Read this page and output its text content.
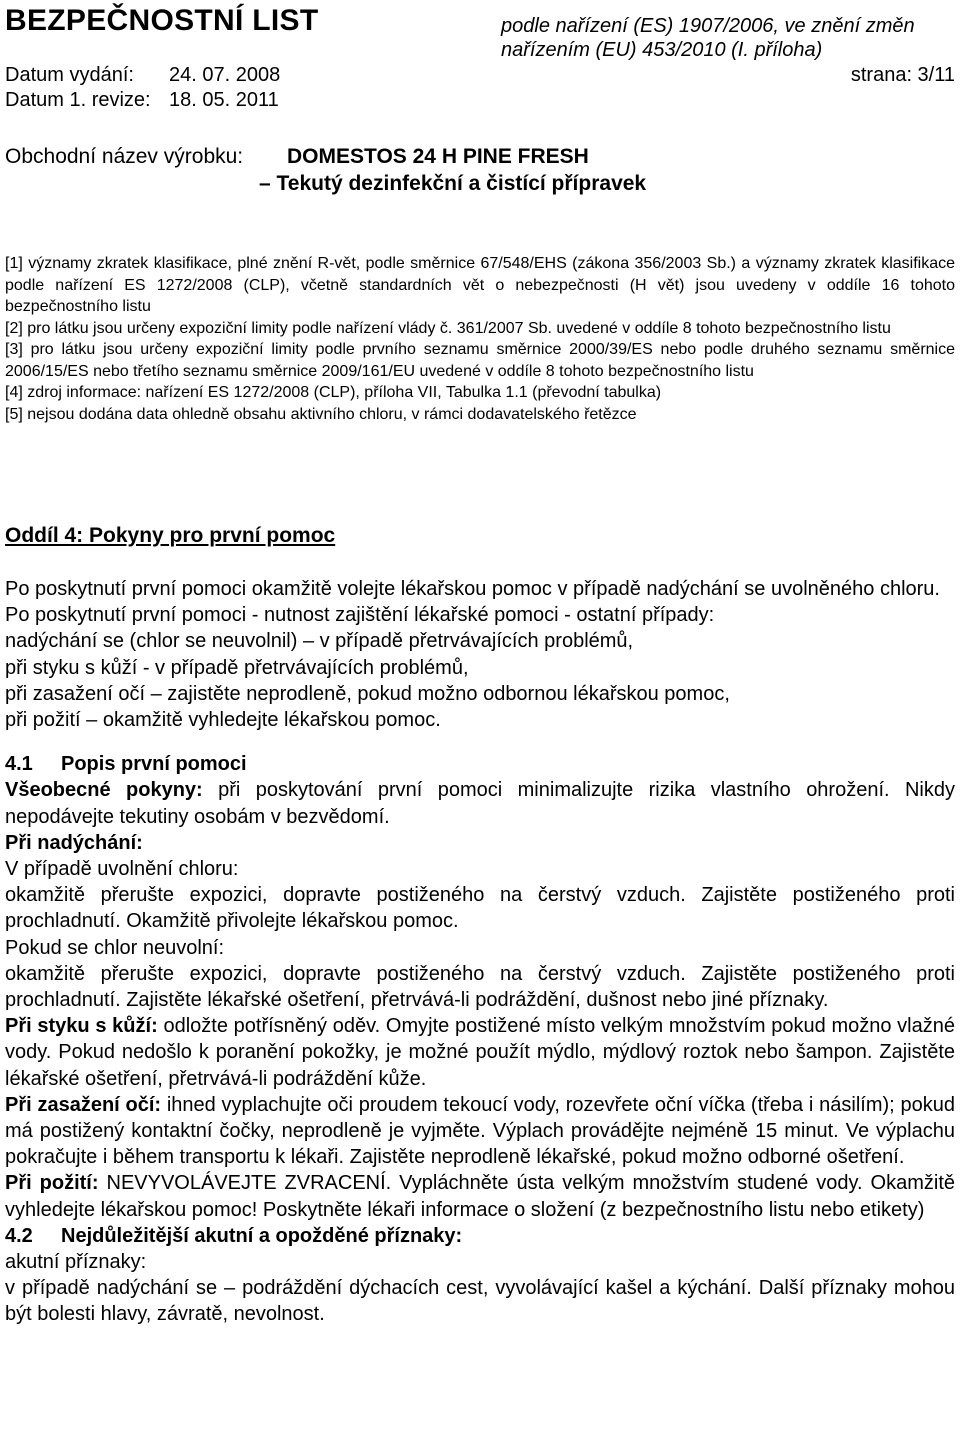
BEZPEČNOSTNÍ LIST	podle nařízení (ES) 1907/2006, ve znění změn
nařízením (EU) 453/2010 (I. příloha)
Datum vydání: 24. 07. 2008	strana: 3/11
Datum 1. revize: 18. 05. 2011
Obchodní název výrobku: DOMESTOS 24 H PINE FRESH
– Tekutý dezinfekční a čistící přípravek

[1] významy zkratek klasifikace, plné znění R-vět, podle směrnice 67/548/EHS (zákona 356/2003 Sb.) a významy zkratek klasifikace podle nařízení ES 1272/2008 (CLP), včetně standardních vět o nebezpečnosti (H vět) jsou uvedeny v oddíle 16 tohoto bezpečnostního listu

[2] pro látku jsou určeny expoziční limity podle nařízení vlády č. 361/2007 Sb. uvedené v oddíle 8 tohoto bezpečnostního listu

[3] pro látku jsou určeny expoziční limity podle prvního seznamu směrnice 2000/39/ES nebo podle druhého seznamu směrnice 2006/15/ES nebo třetího seznamu směrnice 2009/161/EU uvedené v oddíle 8 tohoto bezpečnostního listu

[4] zdroj informace: nařízení ES 1272/2008 (CLP), příloha VII, Tabulka 1.1 (převodní tabulka)

[5] nejsou dodána data ohledně obsahu aktivního chloru, v rámci dodavatelského řetězce

Oddíl 4: Pokyny pro první pomoc

Po poskytnutí první pomoci okamžitě volejte lékařskou pomoc v případě nadýchání se uvolněného chloru.

Po poskytnutí první pomoci - nutnost zajištění lékařské pomoci - ostatní případy:

nadýchání se (chlor se neuvolnil) – v případě přetrvávajících problémů,

při styku s kůží - v případě přetrvávajících problémů,

při zasažení očí – zajistěte neprodleně, pokud možno odbornou lékařskou pomoc,

při požití – okamžitě vyhledejte lékařskou pomoc.

4.1 Popis první pomoci

Všeobecné pokyny: při poskytování první pomoci minimalizujte rizika vlastního ohrožení. Nikdy nepodávejte tekutiny osobám v bezvědomí.

Při nadýchání:

V případě uvolnění chloru:

okamžitě přerušte expozici, dopravte postiženého na čerstvý vzduch. Zajistěte postiženého proti prochladnutí. Okamžitě přivolejte lékařskou pomoc.

Pokud se chlor neuvolní:

okamžitě přerušte expozici, dopravte postiženého na čerstvý vzduch. Zajistěte postiženého proti prochladnutí. Zajistěte lékařské ošetření, přetrvává-li podráždění, dušnost nebo jiné příznaky.

Při styku s kůží: odložte potřísněný oděv. Omyjte postižené místo velkým množstvím pokud možno vlažné vody. Pokud nedošlo k poranění pokožky, je možné použít mýdlo, mýdlový roztok nebo šampon. Zajistěte lékařské ošetření, přetrvává-li podráždění kůže.

Při zasažení očí: ihned vyplachujte oči proudem tekoucí vody, rozevřete oční víčka (třeba i násilím); pokud má postižený kontaktní čočky, neprodleně je vyjměte. Výplach provádějte nejméně 15 minut. Ve výplachu pokračujte i během transportu k lékaři. Zajistěte neprodleně lékařské, pokud možno odborné ošetření.

Při požití: NEVYVOLÁVEJTE ZVRACENÍ. Vypláchněte ústa velkým množstvím studené vody. Okamžitě vyhledejte lékařskou pomoc! Poskytněte lékaři informace o složení (z bezpečnostního listu nebo etikety)

4.2 Nejdůležitější akutní a opožděné příznaky:

akutní příznaky:

v případě nadýchání se – podráždění dýchacích cest, vyvolávající kašel a kýchání. Další příznaky mohou být bolesti hlavy, závratě, nevolnost.
